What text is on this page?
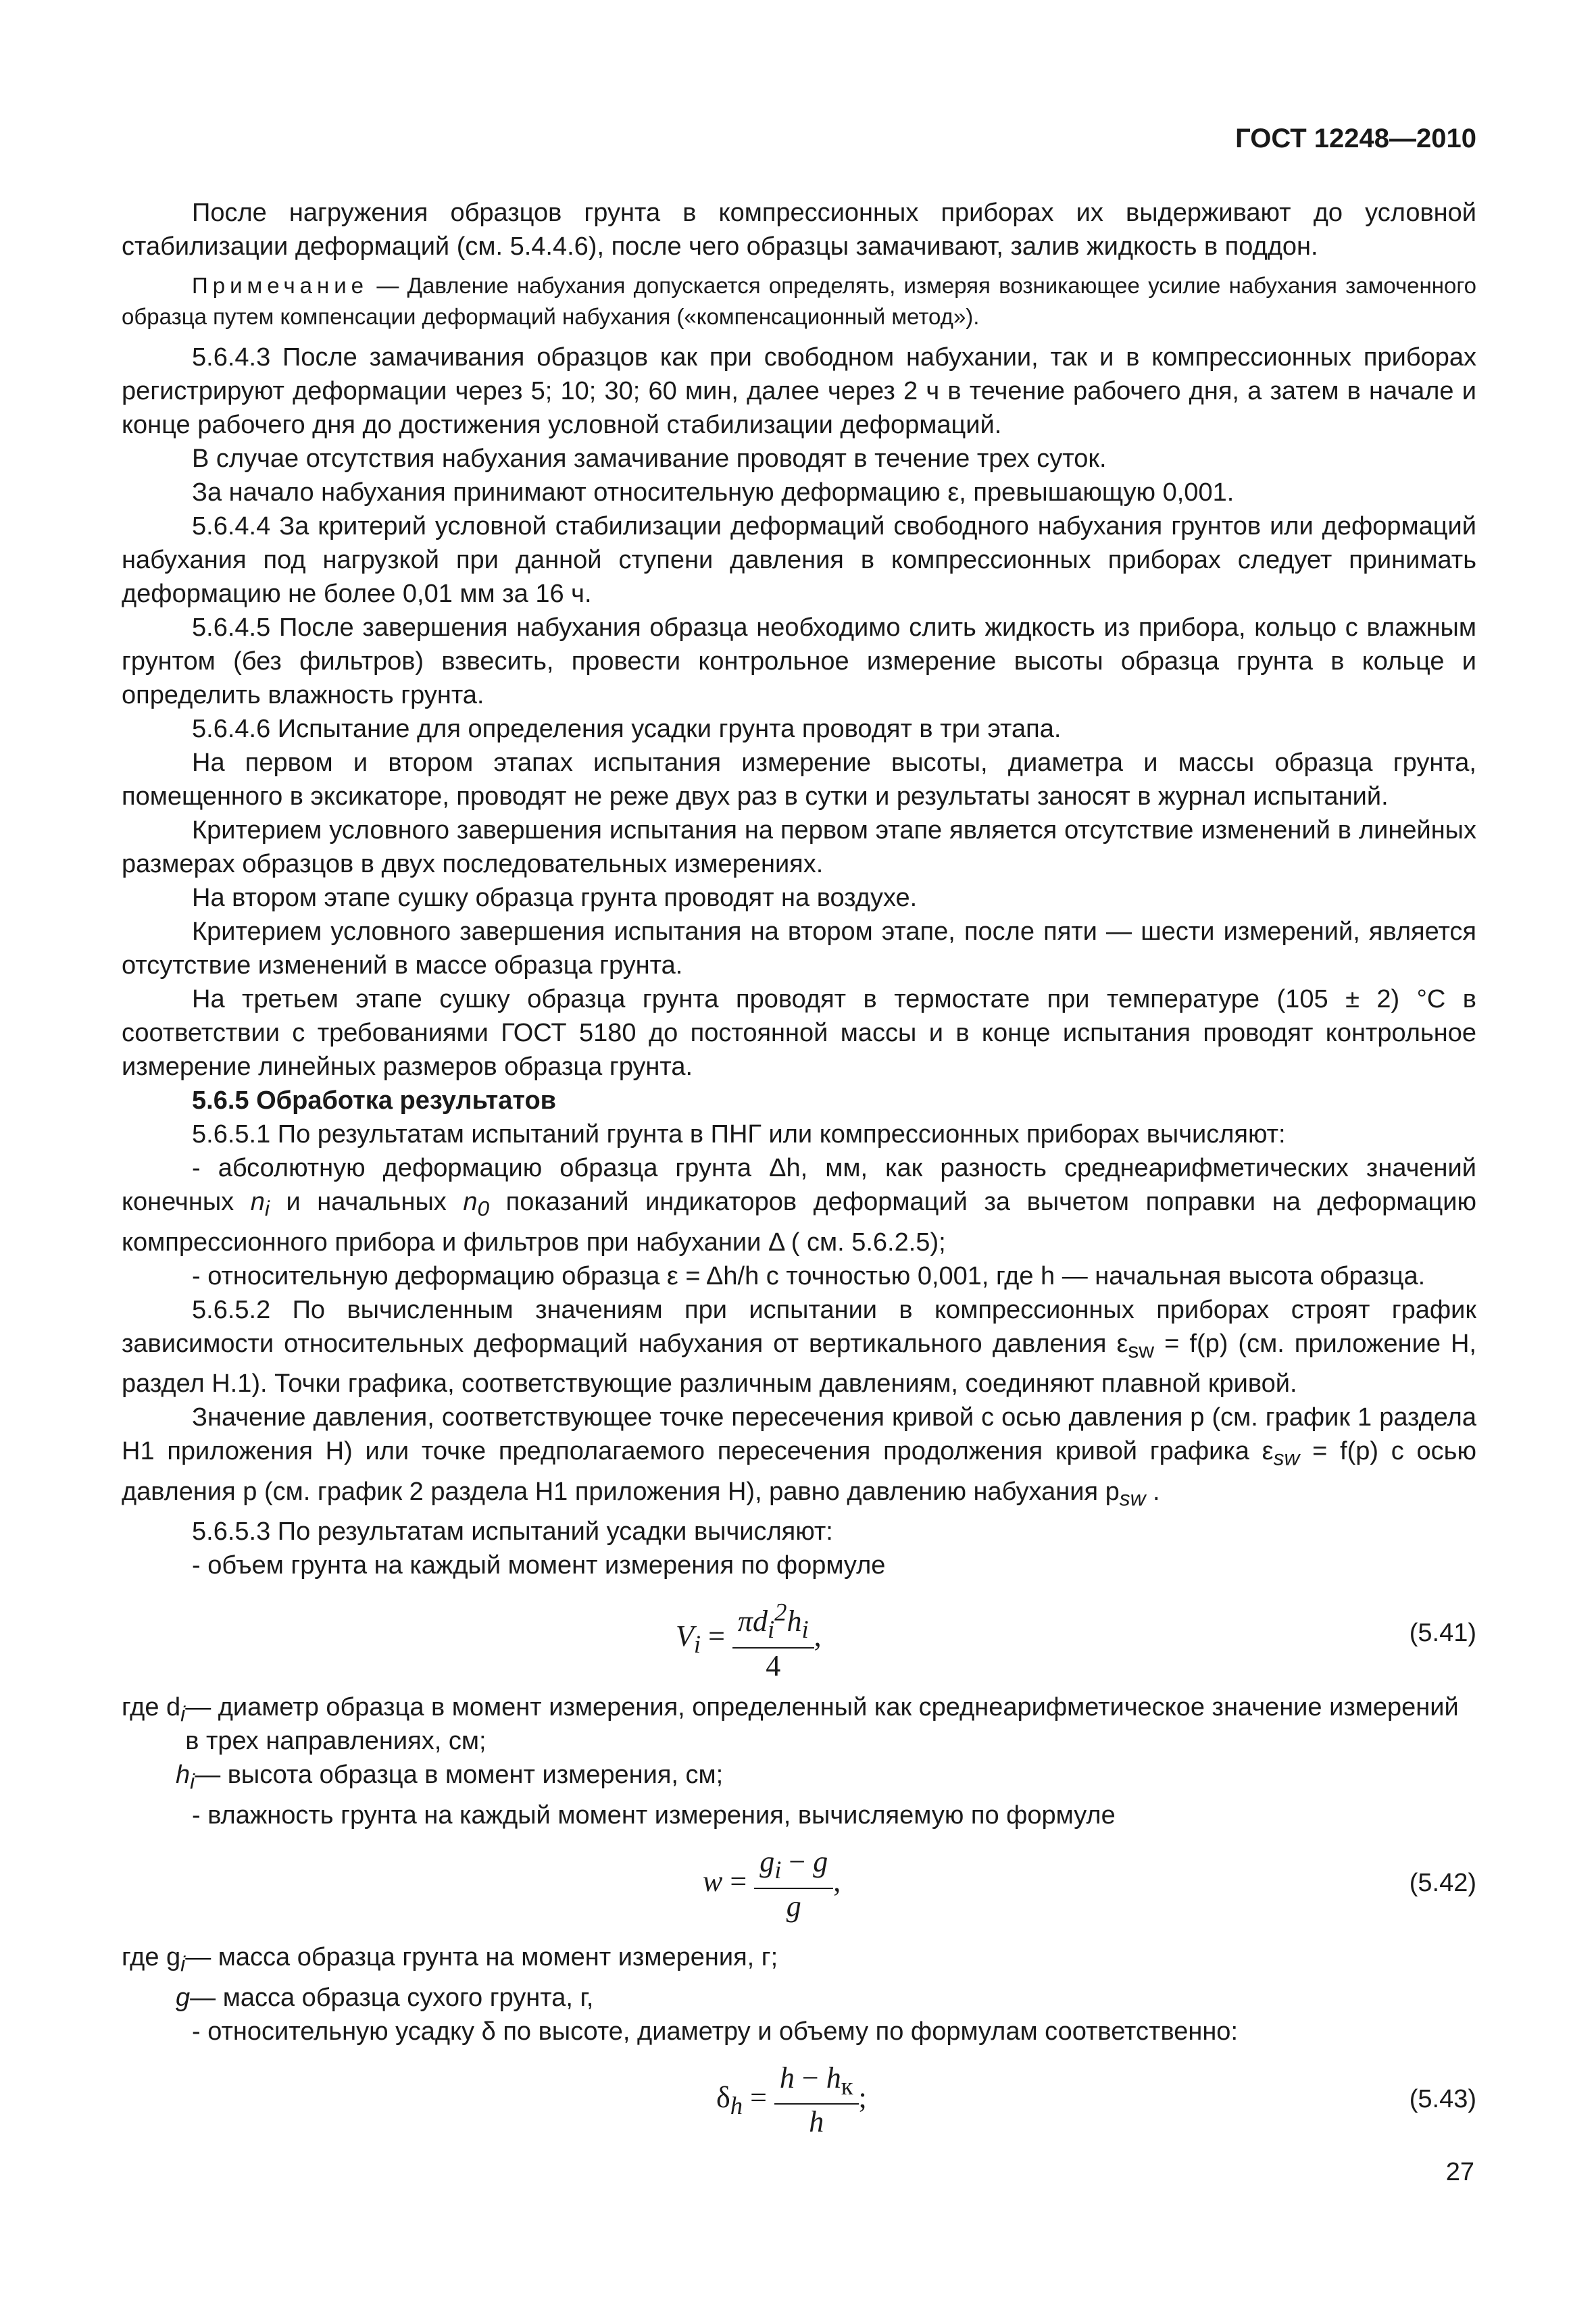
ГОСТ 12248—2010

После нагружения образцов грунта в компрессионных приборах их выдерживают до условной стабилизации деформаций (см. 5.4.4.6), после чего образцы замачивают, залив жидкость в поддон.

Примечание — Давление набухания допускается определять, измеряя возникающее усилие набухания замоченного образца путем компенсации деформаций набухания («компенсационный метод»).

5.6.4.3 После замачивания образцов как при свободном набухании, так и в компрессионных приборах регистрируют деформации через 5; 10; 30; 60 мин, далее через 2 ч в течение рабочего дня, а затем в начале и конце рабочего дня до достижения условной стабилизации деформаций.

В случае отсутствия набухания замачивание проводят в течение трех суток.

За начало набухания принимают относительную деформацию ε, превышающую 0,001.

5.6.4.4 За критерий условной стабилизации деформаций свободного набухания грунтов или деформаций набухания под нагрузкой при данной ступени давления в компрессионных приборах следует принимать деформацию не более 0,01 мм за 16 ч.

5.6.4.5 После завершения набухания образца необходимо слить жидкость из прибора, кольцо с влажным грунтом (без фильтров) взвесить, провести контрольное измерение высоты образца грунта в кольце и определить влажность грунта.

5.6.4.6 Испытание для определения усадки грунта проводят в три этапа.

На первом и втором этапах испытания измерение высоты, диаметра и массы образца грунта, помещенного в эксикаторе, проводят не реже двух раз в сутки и результаты заносят в журнал испытаний.

Критерием условного завершения испытания на первом этапе является отсутствие изменений в линейных размерах образцов в двух последовательных измерениях.

На втором этапе сушку образца грунта проводят на воздухе.

Критерием условного завершения испытания на втором этапе, после пяти — шести измерений, является отсутствие изменений в массе образца грунта.

На третьем этапе сушку образца грунта проводят в термостате при температуре (105 ± 2) °С в соответствии с требованиями ГОСТ 5180 до постоянной массы и в конце испытания проводят контрольное измерение линейных размеров образца грунта.

5.6.5 Обработка результатов

5.6.5.1 По результатам испытаний грунта в ПНГ или компрессионных приборах вычисляют:

- абсолютную деформацию образца грунта Δh, мм, как разность среднеарифметических значений конечных $n_i$ и начальных $n_0$ показаний индикаторов деформаций за вычетом поправки на деформацию компрессионного прибора и фильтров при набухании Δ ( см. 5.6.2.5);

- относительную деформацию образца ε = Δh/h с точностью 0,001, где h — начальная высота образца.

5.6.5.2 По вычисленным значениям при испытании в компрессионных приборах строят график зависимости относительных деформаций набухания от вертикального давления $\varepsilon_{sw} = f(p)$ (см. приложение Н, раздел Н.1). Точки графика, соответствующие различным давлениям, соединяют плавной кривой.

Значение давления, соответствующее точке пересечения кривой с осью давления p (см. график 1 раздела Н1 приложения Н) или точке предполагаемого пересечения продолжения кривой графика $\varepsilon_{sw} = f(p)$ с осью давления p (см. график 2 раздела Н1 приложения Н), равно давлению набухания $p_{sw}$ .

5.6.5.3 По результатам испытаний усадки вычисляют:

- объем грунта на каждый момент измерения по формуле

$V_i = \frac{\pi d_i^2h_i}{4}$ ,	(5.41)
где $d_i$ — диаметр образца в момент измерения, определенный как среднеарифметическое значение измерений в трех направлениях, см;
$h_i$ — высота образца в момент измерения, см;

- влажность грунта на каждый момент измерения, вычисляемую по формуле

$w = \frac{g_i - g}{g}$ ,	(5.42)
где $g_i$ — масса образца грунта на момент измерения, г;
g — масса образца сухого грунта, г,

- относительную усадку δ по высоте, диаметру и объему по формулам соответственно:

$\delta_h = \frac{h - h_к}{h}$ ;	(5.43)
27
